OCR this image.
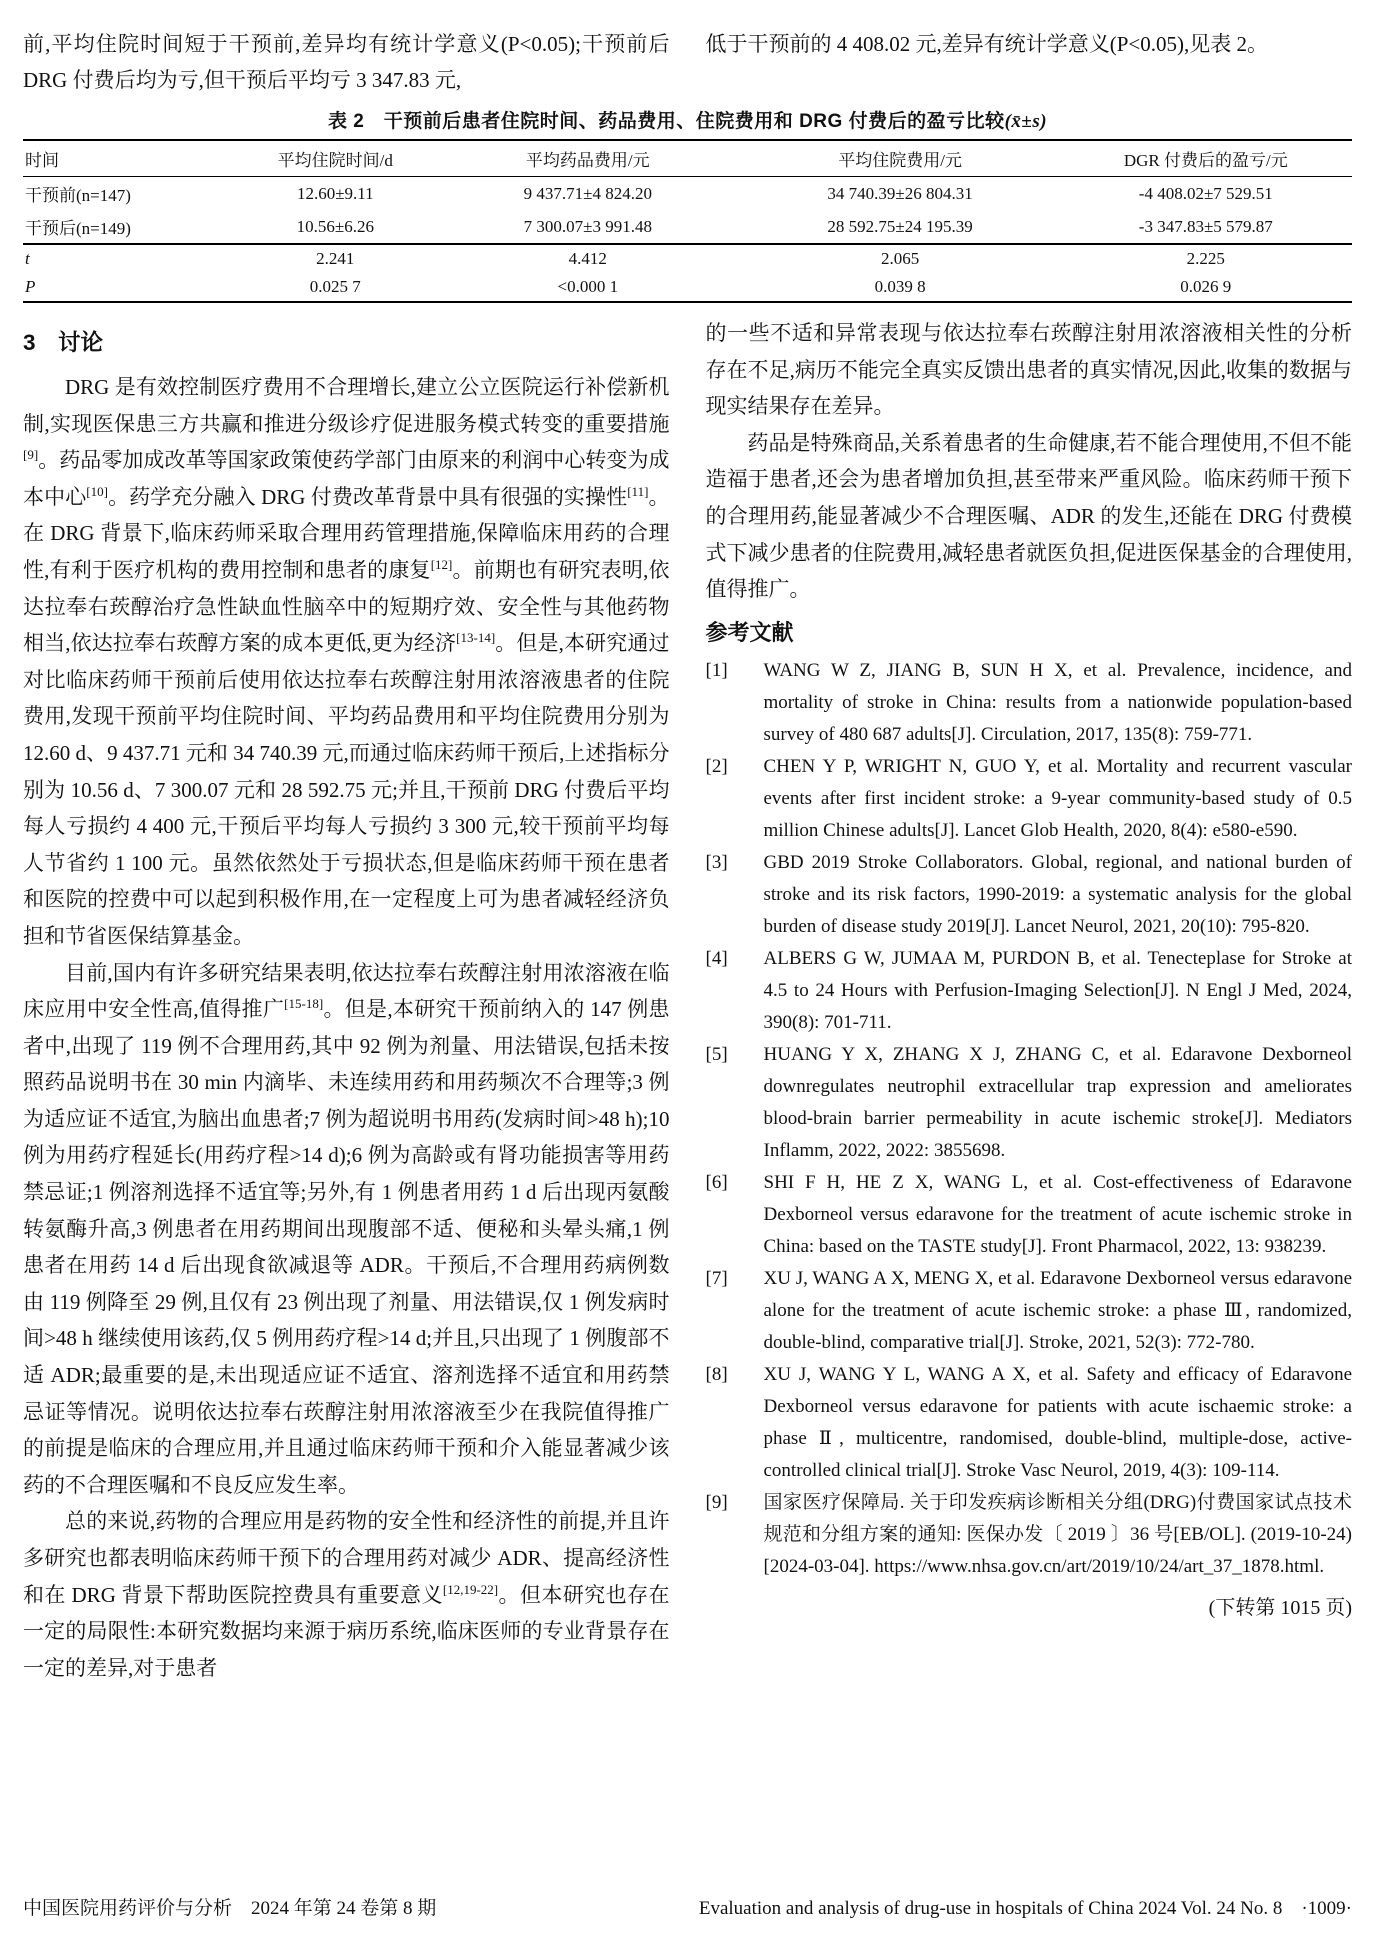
前,平均住院时间短于干预前,差异均有统计学意义(P<0.05);干预前后 DRG 付费后均为亏,但干预后平均亏 3 347.83 元,
低于干预前的 4 408.02 元,差异有统计学意义(P<0.05),见表 2。
表 2　干预前后患者住院时间、药品费用、住院费用和 DRG 付费后的盈亏比较(x̄±s)
时间	平均住院时间/d	平均药品费用/元	平均住院费用/元	DGR 付费后的盈亏/元
干预前(n=147)	12.60±9.11	9 437.71±4 824.20	34 740.39±26 804.31	-4 408.02±7 529.51
干预后(n=149)	10.56±6.26	7 300.07±3 991.48	28 592.75±24 195.39	-3 347.83±5 579.87
t	2.241	4.412	2.065	2.225
P	0.025 7	<0.000 1	0.039 8	0.026 9
3　讨论

DRG 是有效控制医疗费用不合理增长,建立公立医院运行补偿新机制,实现医保患三方共赢和推进分级诊疗促进服务模式转变的重要措施[9]。药品零加成改革等国家政策使药学部门由原来的利润中心转变为成本中心[10]。药学充分融入 DRG 付费改革背景中具有很强的实操性[11]。在 DRG 背景下,临床药师采取合理用药管理措施,保障临床用药的合理性,有利于医疗机构的费用控制和患者的康复[12]。前期也有研究表明,依达拉奉右莰醇治疗急性缺血性脑卒中的短期疗效、安全性与其他药物相当,依达拉奉右莰醇方案的成本更低,更为经济[13-14]。但是,本研究通过对比临床药师干预前后使用依达拉奉右莰醇注射用浓溶液患者的住院费用,发现干预前平均住院时间、平均药品费用和平均住院费用分别为 12.60 d、9 437.71 元和 34 740.39 元,而通过临床药师干预后,上述指标分别为 10.56 d、7 300.07 元和 28 592.75 元;并且,干预前 DRG 付费后平均每人亏损约 4 400 元,干预后平均每人亏损约 3 300 元,较干预前平均每人节省约 1 100 元。虽然依然处于亏损状态,但是临床药师干预在患者和医院的控费中可以起到积极作用,在一定程度上可为患者减轻经济负担和节省医保结算基金。

目前,国内有许多研究结果表明,依达拉奉右莰醇注射用浓溶液在临床应用中安全性高,值得推广[15-18]。但是,本研究干预前纳入的 147 例患者中,出现了 119 例不合理用药,其中 92 例为剂量、用法错误,包括未按照药品说明书在 30 min 内滴毕、未连续用药和用药频次不合理等;3 例为适应证不适宜,为脑出血患者;7 例为超说明书用药(发病时间>48 h);10 例为用药疗程延长(用药疗程>14 d);6 例为高龄或有肾功能损害等用药禁忌证;1 例溶剂选择不适宜等;另外,有 1 例患者用药 1 d 后出现丙氨酸转氨酶升高,3 例患者在用药期间出现腹部不适、便秘和头晕头痛,1 例患者在用药 14 d 后出现食欲减退等 ADR。干预后,不合理用药病例数由 119 例降至 29 例,且仅有 23 例出现了剂量、用法错误,仅 1 例发病时间>48 h 继续使用该药,仅 5 例用药疗程>14 d;并且,只出现了 1 例腹部不适 ADR;最重要的是,未出现适应证不适宜、溶剂选择不适宜和用药禁忌证等情况。说明依达拉奉右莰醇注射用浓溶液至少在我院值得推广的前提是临床的合理应用,并且通过临床药师干预和介入能显著减少该药的不合理医嘱和不良反应发生率。

总的来说,药物的合理应用是药物的安全性和经济性的前提,并且许多研究也都表明临床药师干预下的合理用药对减少 ADR、提高经济性和在 DRG 背景下帮助医院控费具有重要意义[12,19-22]。但本研究也存在一定的局限性:本研究数据均来源于病历系统,临床医师的专业背景存在一定的差异,对于患者

的一些不适和异常表现与依达拉奉右莰醇注射用浓溶液相关性的分析存在不足,病历不能完全真实反馈出患者的真实情况,因此,收集的数据与现实结果存在差异。

药品是特殊商品,关系着患者的生命健康,若不能合理使用,不但不能造福于患者,还会为患者增加负担,甚至带来严重风险。临床药师干预下的合理用药,能显著减少不合理医嘱、ADR 的发生,还能在 DRG 付费模式下减少患者的住院费用,减轻患者就医负担,促进医保基金的合理使用,值得推广。

参考文献
[1]	WANG W Z, JIANG B, SUN H X, et al. Prevalence, incidence, and mortality of stroke in China: results from a nationwide population-based survey of 480 687 adults[J]. Circulation, 2017, 135(8): 759-771.
[2]	CHEN Y P, WRIGHT N, GUO Y, et al. Mortality and recurrent vascular events after first incident stroke: a 9-year community-based study of 0.5 million Chinese adults[J]. Lancet Glob Health, 2020, 8(4): e580-e590.
[3]	GBD 2019 Stroke Collaborators. Global, regional, and national burden of stroke and its risk factors, 1990-2019: a systematic analysis for the global burden of disease study 2019[J]. Lancet Neurol, 2021, 20(10): 795-820.
[4]	ALBERS G W, JUMAA M, PURDON B, et al. Tenecteplase for Stroke at 4.5 to 24 Hours with Perfusion-Imaging Selection[J]. N Engl J Med, 2024, 390(8): 701-711.
[5]	HUANG Y X, ZHANG X J, ZHANG C, et al. Edaravone Dexborneol downregulates neutrophil extracellular trap expression and ameliorates blood-brain barrier permeability in acute ischemic stroke[J]. Mediators Inflamm, 2022, 2022: 3855698.
[6]	SHI F H, HE Z X, WANG L, et al. Cost-effectiveness of Edaravone Dexborneol versus edaravone for the treatment of acute ischemic stroke in China: based on the TASTE study[J]. Front Pharmacol, 2022, 13: 938239.
[7]	XU J, WANG A X, MENG X, et al. Edaravone Dexborneol versus edaravone alone for the treatment of acute ischemic stroke: a phase Ⅲ, randomized, double-blind, comparative trial[J]. Stroke, 2021, 52(3): 772-780.
[8]	XU J, WANG Y L, WANG A X, et al. Safety and efficacy of Edaravone Dexborneol versus edaravone for patients with acute ischaemic stroke: a phase Ⅱ, multicentre, randomised, double-blind, multiple-dose, active-controlled clinical trial[J]. Stroke Vasc Neurol, 2019, 4(3): 109-114.
[9]	国家医疗保障局. 关于印发疾病诊断相关分组(DRG)付费国家试点技术规范和分组方案的通知: 医保办发〔 2019 〕36 号[EB/OL]. (2019-10-24)[2024-03-04]. https://www.nhsa.gov.cn/art/2019/10/24/art_37_1878.html.
(下转第 1015 页)
中国医院用药评价与分析　2024 年第 24 卷第 8 期	Evaluation and analysis of drug-use in hospitals of China 2024 Vol. 24 No. 8　·1009·
